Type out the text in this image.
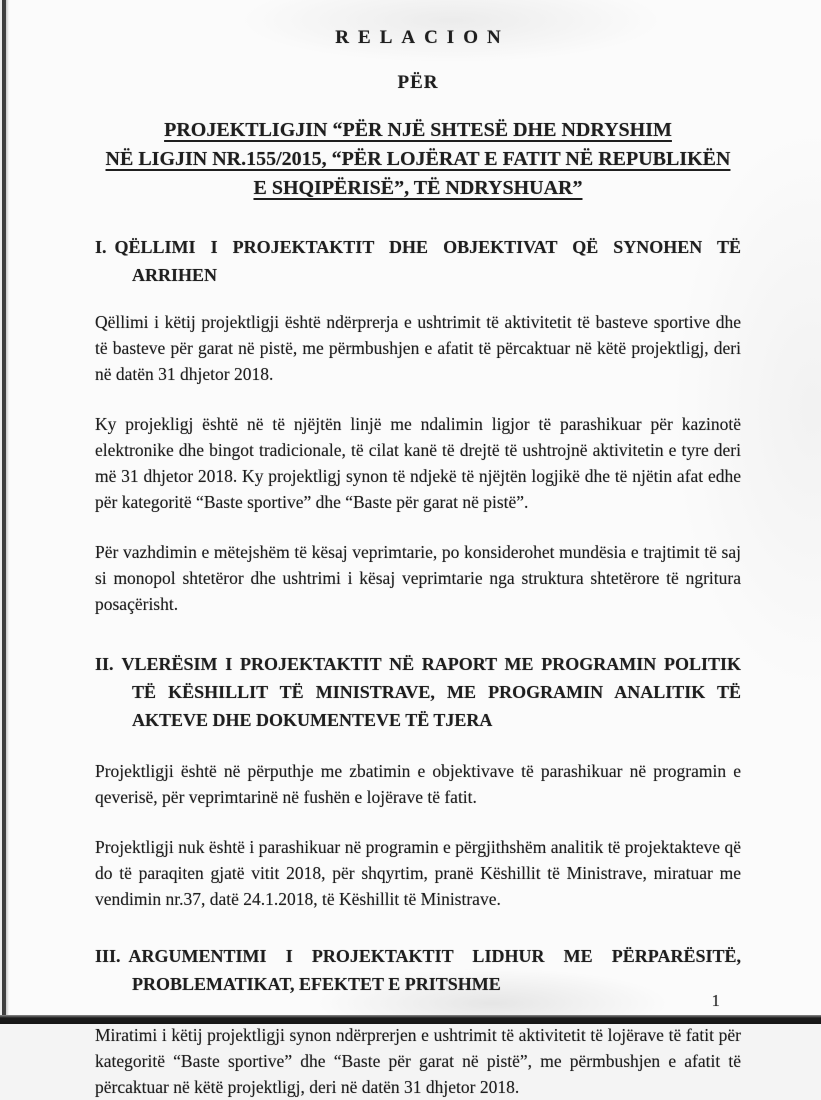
RELACION
PËR
PROJEKTLIGJIN “PËR NJË SHTESË DHE NDRYSHIM
NË LIGJIN NR.155/2015, “PËR LOJËRAT E FATIT NË REPUBLIKËN
E SHQIPËRISË”, TË NDRYSHUAR”
I. QËLLIMI I PROJEKTAKTIT DHE OBJEKTIVAT QË SYNOHEN TË ARRIHEN

Qëllimi i këtij projektligji është ndërprerja e ushtrimit të aktivitetit të basteve sportive dhe të basteve për garat në pistë, me përmbushjen e afatit të përcaktuar në këtë projektligj, deri në datën 31 dhjetor 2018.

Ky projekligj është në të njëjtën linjë me ndalimin ligjor të parashikuar për kazinotë elektronike dhe bingot tradicionale, të cilat kanë të drejtë të ushtrojnë aktivitetin e tyre deri më 31 dhjetor 2018. Ky projektligj synon të ndjekë të njëjtën logjikë dhe të njëtin afat edhe për kategoritë “Baste sportive” dhe “Baste për garat në pistë”.

Për vazhdimin e mëtejshëm të kësaj veprimtarie, po konsiderohet mundësia e trajtimit të saj si monopol shtetëror dhe ushtrimi i kësaj veprimtarie nga struktura shtetërore të ngritura posaçërisht.

II. VLERËSIM I PROJEKTAKTIT NË RAPORT ME PROGRAMIN POLITIK TË KËSHILLIT TË MINISTRAVE, ME PROGRAMIN ANALITIK TË AKTEVE DHE DOKUMENTEVE TË TJERA

Projektligji është në përputhje me zbatimin e objektivave të parashikuar në programin e qeverisë, për veprimtarinë në fushën e lojërave të fatit.

Projektligji nuk është i parashikuar në programin e përgjithshëm analitik të projektakteve që do të paraqiten gjatë vitit 2018, për shqyrtim, pranë Këshillit të Ministrave, miratuar me vendimin nr.37, datë 24.1.2018, të Këshillit të Ministrave.

III. ARGUMENTIMI I PROJEKTAKTIT LIDHUR ME PËRPARËSITË, PROBLEMATIKAT, EFEKTET E PRITSHME

Miratimi i këtij projektligji synon ndërprerjen e ushtrimit të aktivitetit të lojërave të fatit për kategoritë “Baste sportive” dhe “Baste për garat në pistë”, me përmbushjen e afatit të përcaktuar në këtë projektligj, deri në datën 31 dhjetor 2018.

1
